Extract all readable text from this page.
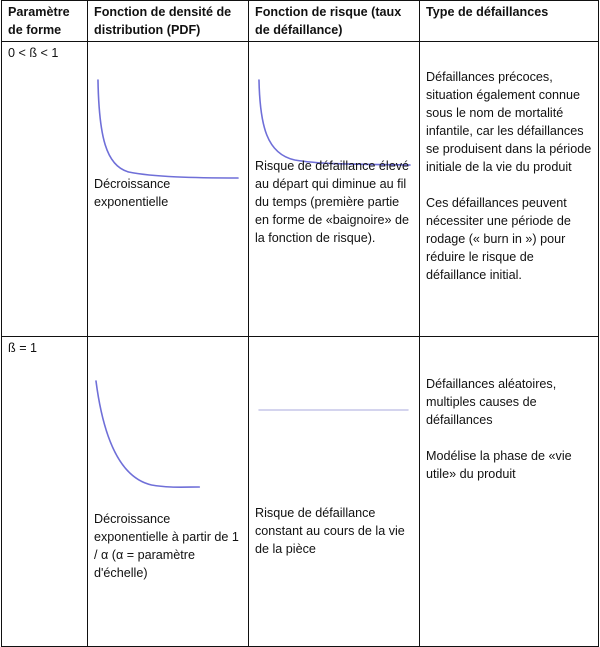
Paramètre de forme	Fonction de densité de distribution (PDF)	Fonction de risque (taux de défaillance)	Type de défaillances

0 < ß < 1	Décroissance exponentielle	Risque de défaillance élevé au départ qui diminue au fil du temps (première partie en forme de «baignoire» de la fonction de risque).	Défaillances précoces, situation également connue sous le nom de mortalité infantile, car les défaillances se produisent dans la période initiale de la vie du produit

Ces défaillances peuvent nécessiter une période de rodage (« burn in ») pour réduire le risque de défaillance initial.

ß = 1	Décroissance exponentielle à partir de 1 / α (α = paramètre d'échelle)	Risque de défaillance constant au cours de la vie de la pièce	Défaillances aléatoires, multiples causes de défaillances

Modélise la phase de «vie utile» du produit
